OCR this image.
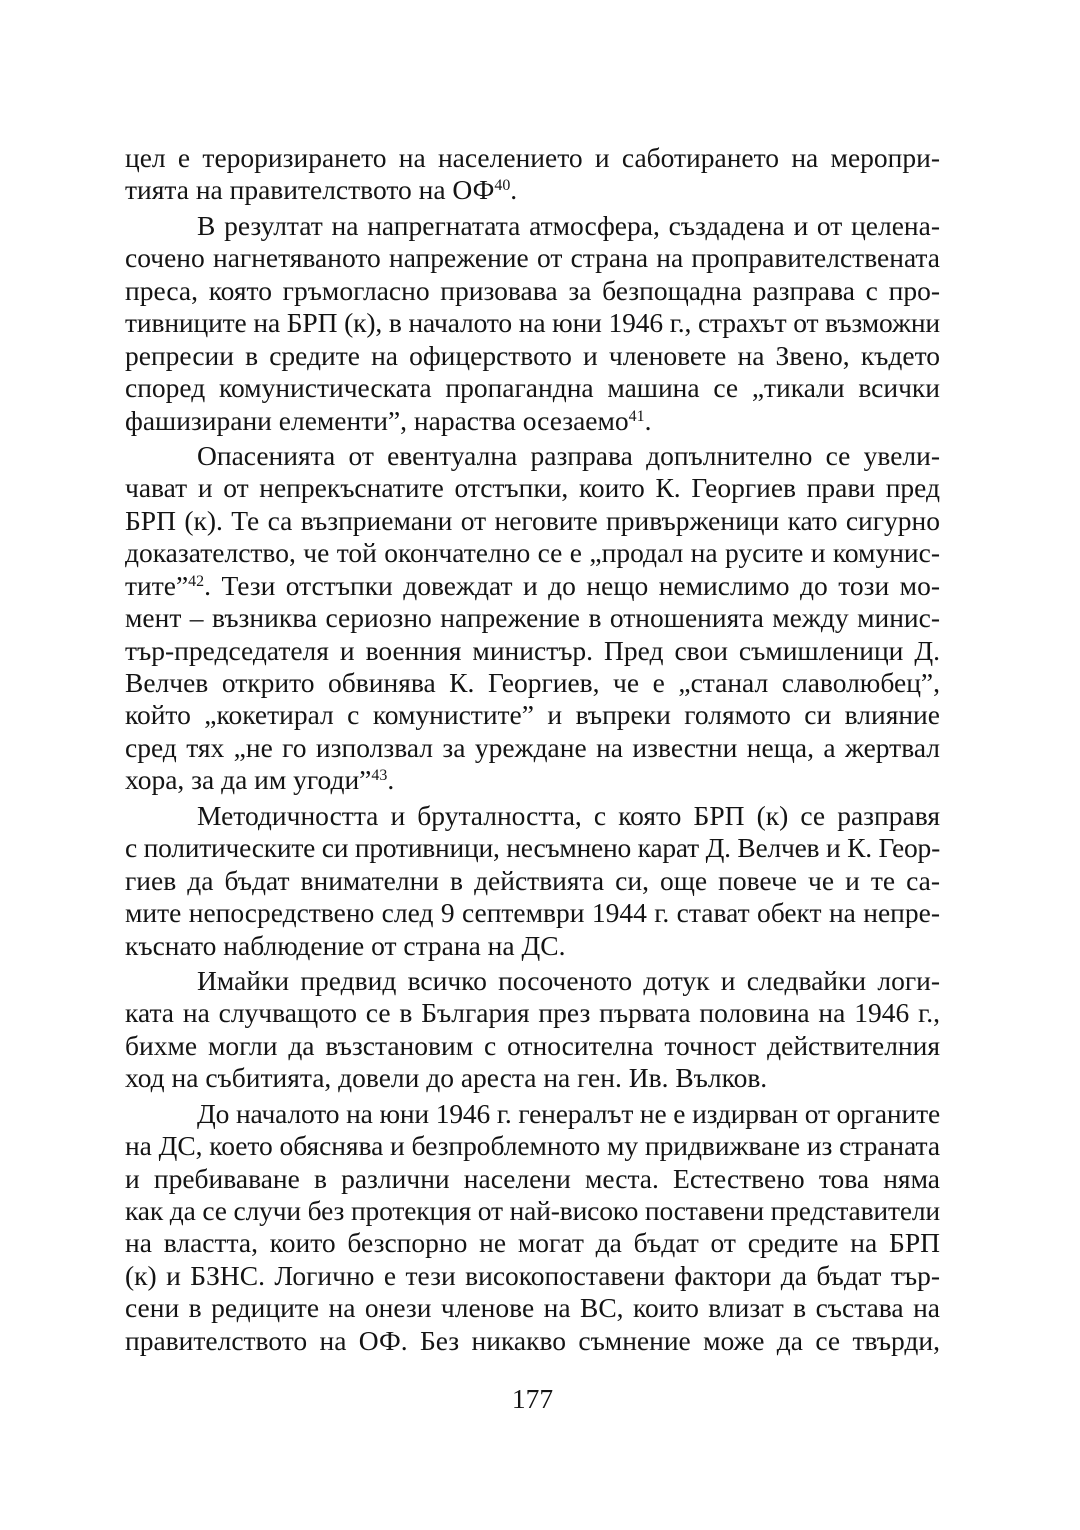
цел е тероризирането на населението и саботирането на меропри-
тията на правителството на ОФ$^{40}$.
В резултат на напрегнатата атмосфера, създадена и от целена-
сочено нагнетяваното напрежение от страна на проправителствената
преса, която гръмогласно призовава за безпощадна разправа с про-
тивниците на БРП (к), в началото на юни 1946 г., страхът от възможни
репресии в средите на офицерството и членовете на Звено, където
според комунистическата пропагандна машина се „тикали всички
фашизирани елементи”, нараства осезаемо$^{41}$.
Опасенията от евентуална разправа допълнително се увели-
чават и от непрекъснатите отстъпки, които К. Георгиев прави пред
БРП (к). Те са възприемани от неговите привърженици като сигурно
доказателство, че той окончателно се е „продал на русите и комунис-
тите”$^{42}$. Тези отстъпки довеждат и до нещо немислимо до този мо-
мент – възниква сериозно напрежение в отношенията между минис-
тър-председателя и военния министър. Пред свои съмишленици Д.
Велчев открито обвинява К. Георгиев, че е „станал славолюбец”,
който „кокетирал с комунистите” и въпреки голямото си влияние
сред тях „не го използвал за уреждане на известни неща, а жертвал
хора, за да им угоди”$^{43}$.
Методичността и бруталността, с която БРП (к) се разправя
с политическите си противници, несъмнено карат Д. Велчев и К. Геор-
гиев да бъдат внимателни в действията си, още повече че и те са-
мите непосредствено след 9 септември 1944 г. стават обект на непре-
къснато наблюдение от страна на ДС.
Имайки предвид всичко посоченото дотук и следвайки логи-
ката на случващото се в България през първата половина на 1946 г.,
бихме могли да възстановим с относителна точност действителния
ход на събитията, довели до ареста на ген. Ив. Вълков.
До началото на юни 1946 г. генералът не е издирван от органите
на ДС, което обяснява и безпроблемното му придвижване из страната
и пребиваване в различни населени места. Естествено това няма
как да се случи без протекция от най-високо поставени представители
на властта, които безспорно не могат да бъдат от средите на БРП
(к) и БЗНС. Логично е тези високопоставени фактори да бъдат тър-
сени в редиците на онези членове на ВС, които влизат в състава на
правителството на ОФ. Без никакво съмнение може да се твърди,
177
